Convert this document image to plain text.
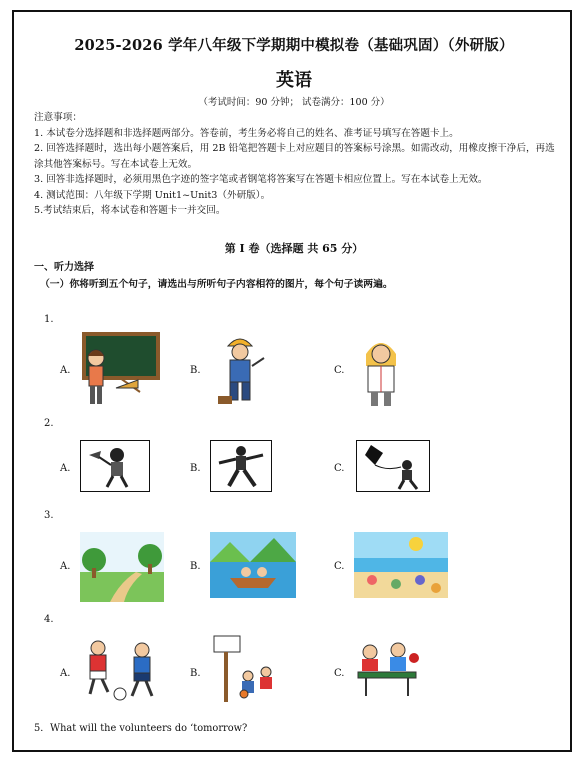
2025-2026 学年八年级下学期期中模拟卷（基础巩固）（外研版）
英语
（考试时间：90 分钟； 试卷满分：100 分）
注意事项：
1. 本试卷分选择题和非选择题两部分。答卷前，考生务必将自己的姓名、准考证号填写在答题卡上。
2. 回答选择题时，选出每小题答案后，用 2B 铅笔把答题卡上对应题目的答案标号涂黑。如需改动，用橡皮擦干净后，再选涂其他答案标号。写在本试卷上无效。
3. 回答非选择题时，必须用黑色字迹的签字笔或者钢笔将答案写在答题卡相应位置上。写在本试卷上无效。
4. 测试范围：八年级下学期 Unit1~Unit3（外研版）。
5.考试结束后，将本试卷和答题卡一并交回。
第 I 卷（选择题 共 65 分）
一、听力选择
（一）你将听到五个句子，请选出与所听句子内容相符的图片，每个句子读两遍。
1.
A.	B.	C.
2.
A.	B.	C.
3.
A.	B.	C.
4.
A.	B.	C.
5．What will the volunteers do ‘tomorrow?
